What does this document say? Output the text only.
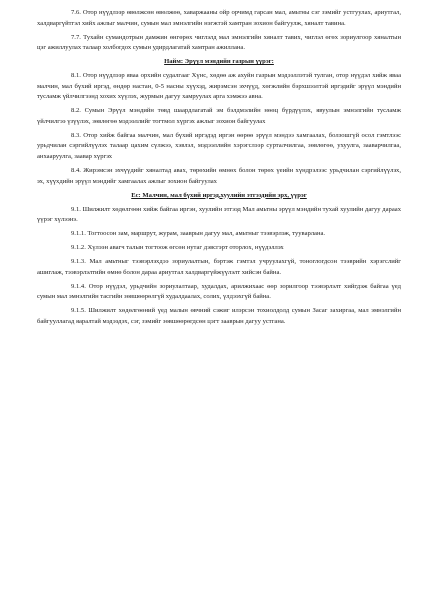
7.6. Отор нүүдлээр өвөлжсөн өвөлжөө, хаваржааны ойр орчимд гарсан мал, амьтны сэг зэмийг устгуулах, ариутгал, халдваргүйтгэл хийх ажлыг малчин, сумын мал эмнэлгийн нэгжтэй хамтран зохион байгуулж, хяналт тавина.

7.7. Тухайн сумандотрын дамжин өнгөрөх чиглэлд мал эмнэлгийн хяналт тавих, чиглэл өгөх зориулгоор хяналтын цэг ажиллуулах талаар холбогдох сумын удирдлагатай хамтран ажиллана.

Найм: Эрүүл мэндийн газрын үүрэг:

8.1. Отор нүүдлээр яваа орхийн судалгааг Хүнс, хөдөө аж ахуйн газрын мэдээллэтэй тулган, отор нүүдэл хийж яваа малчин, мал бүхий иргэд, өндөр настан, 0-5 насны хүүхэд, жирэмсэн эхчүүд, хөгжлийн бэрхшээлтэй иргэдийг эрүүл мэндийн тусламж үйлчилгээнд хохих хүүлэх, журмын дагуу хамруулах арга хэмжээ авна.

8.2. Сумын Эрүүл мэндийн төвд шаардлагатай эм бэлдмэлийн нөөц бүрдүүлэх, явуулын эмнэлгийн тусламж үйлчилгээ үзүүлэх, зөвлөгөө мэдээллийг тогтмол хүргэх ажлыг зохион байгуулах

8.3. Отор хийж байгаа малчин, мал бүхий иргэдэд иргэн өөрөө эрүүл мэндээ хамгаалах, болзошгүй осол гэмтлээс урьдчилан сэргийлүүлэх талаар цахим сүлжээ, хэвлэл, мэдээллийн хэрэгслээр сурталчилгаа, зөвлөгөө, ухуулга, зааварчилгаа, анхааруулга, заавар хүргэх

8.4. Жирэмсэн эхчүүдийг хяналтад авах, төрөхийн өмнөх болон төрөх үеийн хүндрэлээс урьдчилан сэргийлүүлэх, эх, хүүхдийн эрүүл мэндийг хамгаалах ажлыг зохион байгуулах

Ес: Малчин, мал бүхий иргэд,хуулийн этгээдийн эрх, үүрэг

9.1. Шилжилт хөдөлгөөн хийж байгаа иргэн, хуулийн этгээд Мал амьтны эрүүл мэндийн тухай хуулийн дагуу дараах үүрэг хүлээнэ.

9.1.1. Тогтоосон зам, маршрут, журам, зааврын дагуу мал, амьтныг тээвэрлэж, тууварлана.

9.1.2. Хүлээн авагч талын тогтоож өгсөн нутаг дэвсгэрт оторлох, нүүдэллэх

9.1.3. Мал амьтныг тээвэрлэхдээ зориулалтын, бэртэж гэмтэл учруулахгүй, тоноглогдсон тээврийн хэрэгслийг ашиглаж, тээвэрлэлтийн өмнө болон дараа ариутгал халдваргүйжүүлэлт хийсэн байна.

9.1.4. Отор нүүдэл, урьдчийн зориулалтаар, худалдах, арилжихаас өөр зорилгоор тээвэрлэлт хийгдэж байгаа үед сумын мал эмнэлгийн тасгийн зөвшөөрөлгүй худалдаалах, солих, үлдээхгүй байна.

9.1.5. Шилжилт хөдөлгөөний үед малын өвчний сэжиг илэрсэн тохиолдолд сумын Засаг захиргаа, мал эмнэлгийн байгууллагад яаралтай мэдээдэх, сэг, зэмийг зөвшөөрөгдсөн цэгт зааврын дагуу устгана.
